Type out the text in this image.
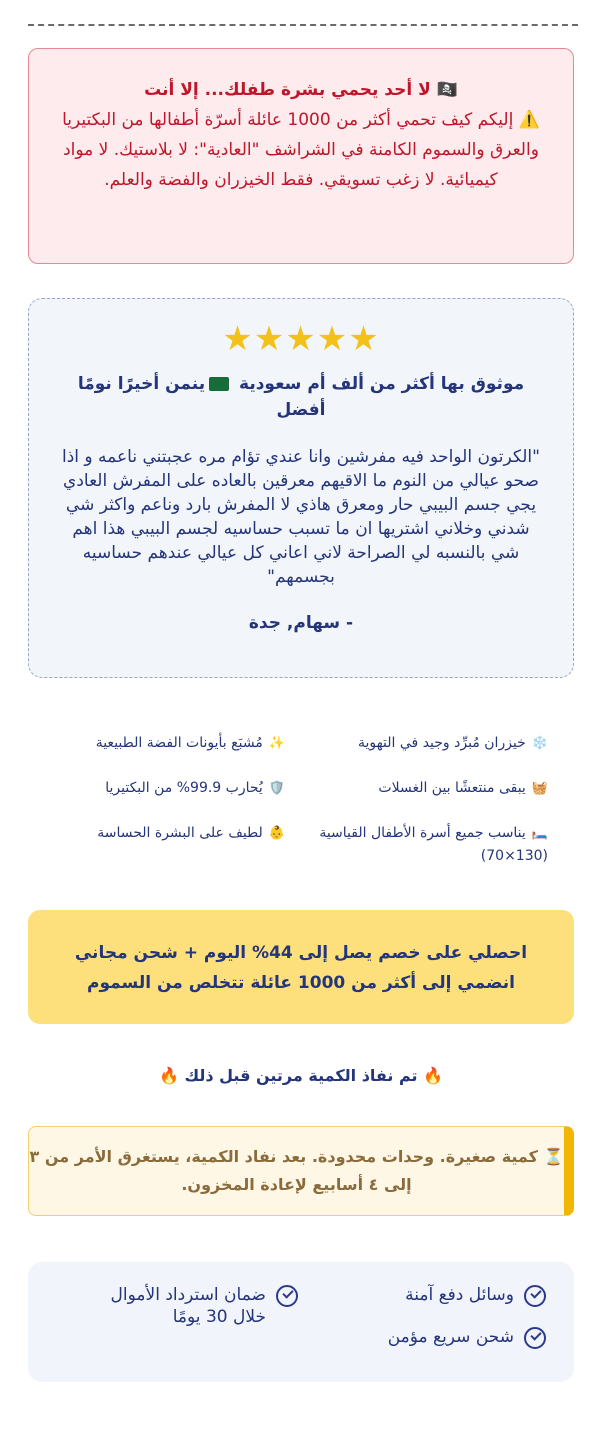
🏴‍☠️ لا أحد يحمي بشرة طفلك... إلا أنت
⚠️ إليكم كيف تحمي أكثر من 1000 عائلة أسرّة أطفالها من البكتيريا والعرق والسموم الكامنة في الشراشف "العادية": لا بلاستيك. لا مواد كيميائية. لا زغب تسويقي. فقط الخيزران والفضة والعلم.
★★★★★
موثوق بها أكثر من ألف أم سعودية ينمن أخيرًا نومًا أفضل
"الكرتون الواحد فيه مفرشين وانا عندي تؤام مره عجبتني ناعمه و اذا صحو عيالي من النوم ما الاقيهم معرقين بالعاده على المفرش العادي يجي جسم البيبي حار ومعرق هاذي لا المفرش بارد وناعم واكثر شي شدني وخلاني اشتريها ان ما تسبب حساسيه لجسم البيبي هذا اهم شي بالنسبه لي الصراحة لاني اعاني كل عيالي عندهم حساسيه بجسمهم"
- سهام, جدة
❄️خيزران مُبرِّد وجيد في التهوية
✨مُشبَع بأيونات الفضة الطبيعية
🧺يبقى منتعشًا بين الغسلات
🛡️يُحارب 99.9% من البكتيريا
🛏️يناسب جميع أسرة الأطفال القياسية (130×70)
👶لطيف على البشرة الحساسة
احصلي على خصم يصل إلى 44% اليوم + شحن مجاني
انضمي إلى أكثر من 1000 عائلة تتخلص من السموم
🔥 تم نفاذ الكمية مرتين قبل ذلك 🔥
⏳ كمية صغيرة. وحدات محدودة. بعد نفاد الكمية، يستغرق الأمر من ٣ إلى ٤ أسابيع لإعادة المخزون.
وسائل دفع آمنة
شحن سريع مؤمن
ضمان استرداد الأموال خلال 30 يومًا
